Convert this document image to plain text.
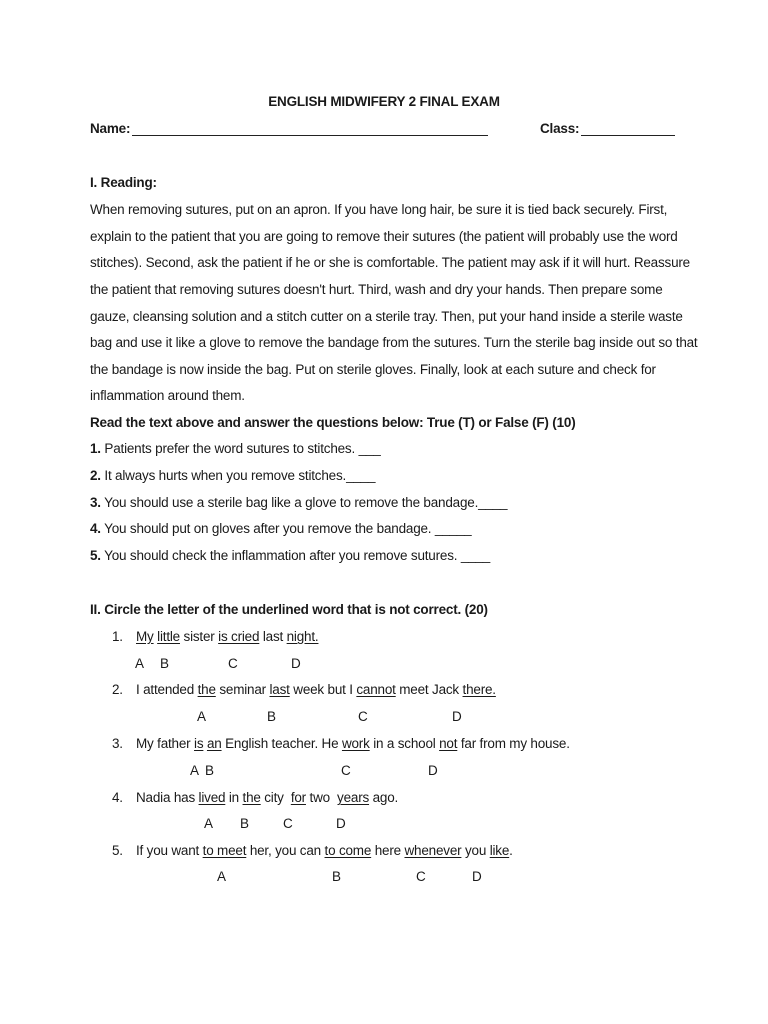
ENGLISH MIDWIFERY 2 FINAL EXAM
Name:	Class:
I. Reading:
When removing sutures, put on an apron. If you have long hair, be sure it is tied back securely. First,
explain to the patient that you are going to remove their sutures (the patient will probably use the word
stitches). Second, ask the patient if he or she is comfortable. The patient may ask if it will hurt. Reassure
the patient that removing sutures doesn't hurt. Third, wash and dry your hands. Then prepare some
gauze, cleansing solution and a stitch cutter on a sterile tray. Then, put your hand inside a sterile waste
bag and use it like a glove to remove the bandage from the sutures. Turn the sterile bag inside out so that
the bandage is now inside the bag. Put on sterile gloves. Finally, look at each suture and check for
inflammation around them.
Read the text above and answer the questions below: True (T) or False (F) (10)
1. Patients prefer the word sutures to stitches. ___
2. It always hurts when you remove stitches.____
3. You should use a sterile bag like a glove to remove the bandage.____
4. You should put on gloves after you remove the bandage. _____
5. You should check the inflammation after you remove sutures. ____
II. Circle the letter of the underlined word that is not correct. (20)
1. My little sister is cried last night.
A B	C	D
2. I attended the seminar last week but I cannot meet Jack there.
A	B	C	D
3. My father is an English teacher. He work in a school not far from my house.
A B	C	D
4. Nadia has lived in the city  for two  years ago.
A B	C	D
5. If you want to meet her, you can to come here whenever you like.
A	B	C	D
